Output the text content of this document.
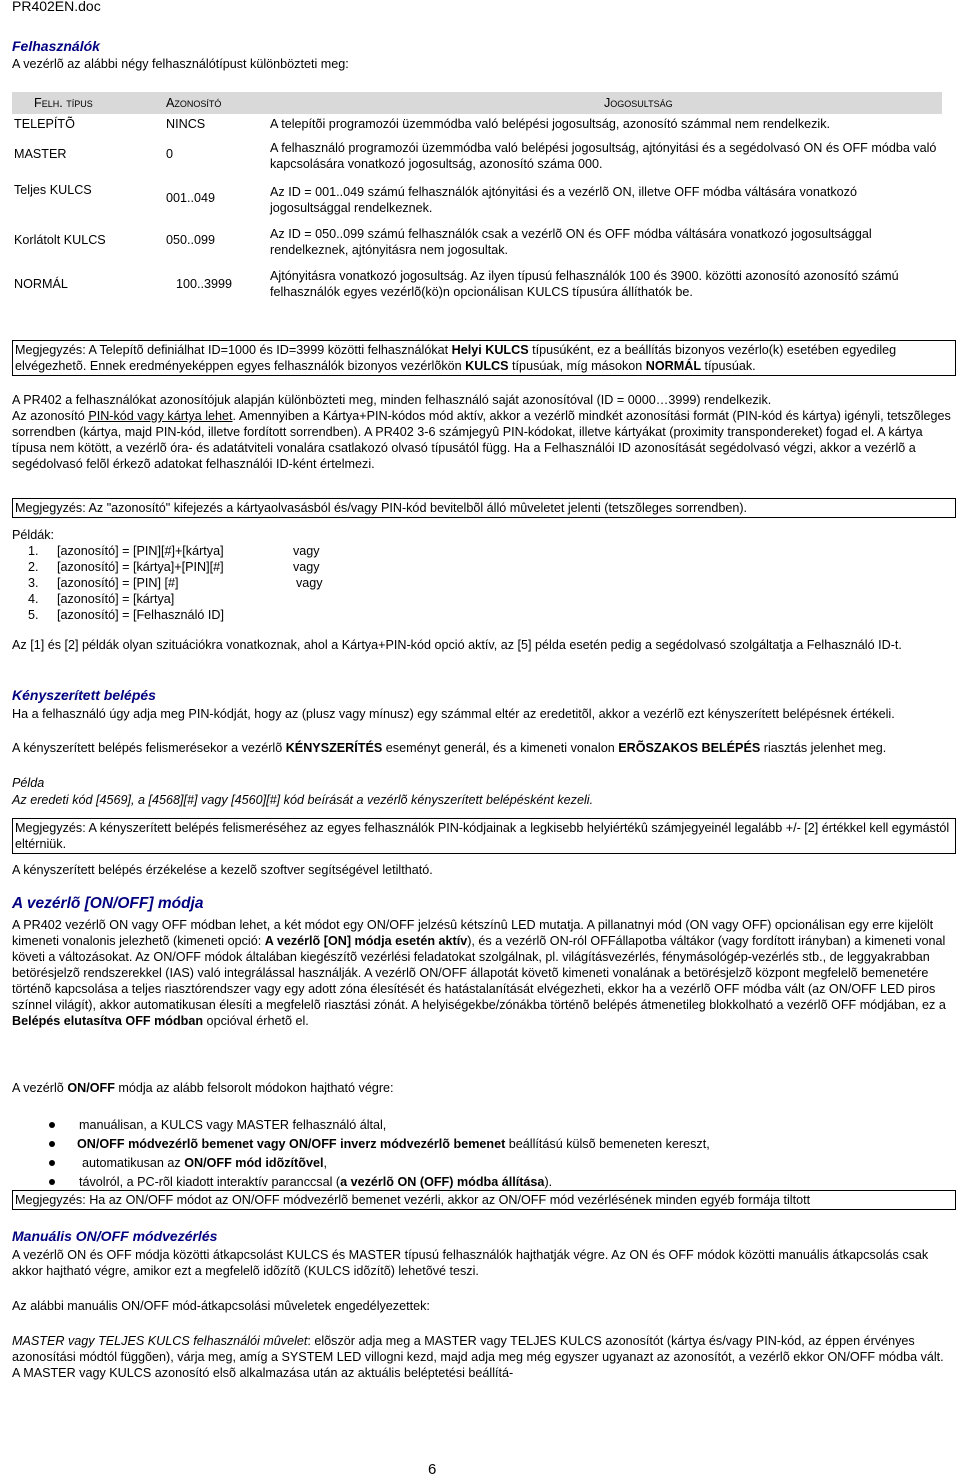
PR402EN.doc
Felhasználók
A vezérlõ az alábbi négy felhasználótípust különbözteti meg:
Felh. típus	Azonosító	Jogosultság
TELEPÍTÕ	NINCS	A telepítõi programozói üzemmódba való belépési jogosultság, azonosító számmal nem rendelkezik.
MASTER	0	A felhasználó programozói üzemmódba való belépési jogosultság, ajtónyitási és a segédolvasó ON és OFF módba való kapcsolására vonatkozó jogosultság, azonosító száma 000.
Teljes KULCS	001..049	Az ID = 001..049 számú felhasználók ajtónyitási és a vezérlõ ON, illetve OFF módba váltására vonatkozó jogosultsággal rendelkeznek.
Korlátolt KULCS	050..099	Az ID = 050..099 számú felhasználók csak a vezérlõ ON és OFF módba váltására vonatkozó jogosultsággal rendelkeznek, ajtónyitásra nem jogosultak.
NORMÁL	100..3999	Ajtónyitásra vonatkozó jogosultság. Az ilyen típusú felhasználók 100 és 3900. közötti azonosító azonosító számú felhasználók egyes vezérlõ(kö)n opcionálisan KULCS típusúra állíthatók be.
Megjegyzés: A Telepítõ definiálhat ID=1000 és ID=3999 közötti felhasználókat Helyi KULCS típusúként, ez a beállítás bizonyos vezérlo(k) esetében egyedileg elvégezhetõ. Ennek eredményeképpen egyes felhasználók bizonyos vezérlõkön KULCS típusúak, míg másokon NORMÁL típusúak.
A PR402 a felhasználókat azonosítójuk alapján különbözteti meg, minden felhasználó saját azonosítóval (ID = 0000…3999) rendelkezik.
Az azonosító PIN-kód vagy kártya lehet. Amennyiben a Kártya+PIN-kódos mód aktív, akkor a vezérlõ mindkét azonosítási formát (PIN-kód és kártya) igényli, tetszõleges sorrendben (kártya, majd PIN-kód, illetve fordított sorrendben). A PR402 3-6 számjegyû PIN-kódokat, illetve kártyákat (proximity transpondereket) fogad el. A kártya típusa nem kötött, a vezérlõ óra- és adatátviteli vonalára csatlakozó olvasó típusától függ. Ha a Felhasználói ID azonosítását segédolvasó végzi, akkor a vezérlõ a segédolvasó felõl érkezõ adatokat felhasználói ID-ként értelmezi.
Megjegyzés: Az "azonosító" kifejezés a kártyaolvasásból és/vagy PIN-kód bevitelbõl álló mûveletet jelenti (tetszõleges sorrendben).
Példák:
1. [azonosító] = [PIN][#]+[kártya]	vagy
2. [azonosító] = [kártya]+[PIN][#]	vagy
3. [azonosító] = [PIN] [#]	vagy
4. [azonosító] = [kártya]
5. [azonosító] = [Felhasználó ID]
Az [1] és [2] példák olyan szituációkra vonatkoznak, ahol a Kártya+PIN-kód opció aktív, az [5] példa esetén pedig a segédolvasó szolgáltatja a Felhasználó ID-t.
Kényszerített belépés
Ha a felhasználó úgy adja meg PIN-kódját, hogy az (plusz vagy mínusz) egy számmal eltér az eredetitõl, akkor a vezérlõ ezt kényszerített belépésnek értékeli.
A kényszerített belépés felismerésekor a vezérlõ KÉNYSZERÍTÉS eseményt generál, és a kimeneti vonalon ERÕSZAKOS BELÉPÉS riasztás jelenhet meg.
Példa
Az eredeti kód [4569], a [4568][#] vagy [4560][#] kód beírását a vezérlõ kényszerített belépésként kezeli.
Megjegyzés: A kényszerített belépés felismeréséhez az egyes felhasználók PIN-kódjainak a legkisebb helyiértékû számjegyeinél legalább +/- [2] értékkel kell egymástól eltérniük.
A kényszerített belépés érzékelése a kezelõ szoftver segítségével letiltható.
A vezérlõ [ON/OFF] módja
A PR402 vezérlõ ON vagy OFF módban lehet, a két módot egy ON/OFF jelzésû kétszínû LED mutatja. A pillanatnyi mód (ON vagy OFF) opcionálisan egy erre kijelölt kimeneti vonalonis jelezhetõ (kimeneti opció: A vezérlõ [ON] módja esetén aktív), és a vezérlõ ON-ról OFFállapotba váltákor (vagy fordított irányban) a kimeneti vonal követi a változásokat. Az ON/OFF módok általában kiegészítõ vezérlési feladatokat szolgálnak, pl. világításvezérlés, fénymásológép-vezérlés stb., de leggyakrabban betörésjelzõ rendszerekkel (IAS) való integrálással használják. A vezérlõ ON/OFF állapotát követõ kimeneti vonalának a betörésjelzõ központ megfelelõ bemenetére történõ kapcsolása a teljes riasztórendszer vagy egy adott zóna élesítését és hatástalanítását elvégezheti, ekkor ha a vezérlõ OFF módba vált (az ON/OFF LED piros színnel világít), akkor automatikusan élesíti a megfelelõ riasztási zónát. A helyiségekbe/zónákba történõ belépés átmenetileg blokkolható a vezérlõ OFF módjában, ez a Belépés elutasítva OFF módban opcióval érhetõ el.
A vezérlõ ON/OFF módja az alább felsorolt módokon hajtható végre:
manuálisan, a KULCS vagy MASTER felhasználó által,
ON/OFF módvezérlõ bemenet vagy ON/OFF inverz módvezérlõ bemenet beállítású külsõ bemeneten kereszt,
automatikusan az ON/OFF mód idõzítõvel,
távolról, a PC-rõl kiadott interaktív paranccsal (a vezérlõ ON (OFF) módba állítása).
Megjegyzés: Ha az ON/OFF módot az ON/OFF módvezérlõ bemenet vezérli, akkor az ON/OFF mód vezérlésének minden egyéb formája tiltott
Manuális ON/OFF módvezérlés
A vezérlõ ON és OFF módja közötti átkapcsolást KULCS és MASTER típusú felhasználók hajthatják végre. Az ON és OFF módok közötti manuális átkapcsolás csak akkor hajtható végre, amikor ezt a megfelelõ idõzítõ (KULCS idõzítõ) lehetõvé teszi.
Az alábbi manuális ON/OFF mód-átkapcsolási mûveletek engedélyezettek:
MASTER vagy TELJES KULCS felhasználói mûvelet: elõször adja meg a MASTER vagy TELJES KULCS azonosítót (kártya és/vagy PIN-kód, az éppen érvényes azonosítási módtól függõen), várja meg, amíg a SYSTEM LED villogni kezd, majd adja meg még egyszer ugyanazt az azonosítót, a vezérlõ ekkor ON/OFF módba vált. A MASTER vagy KULCS azonosító elsõ alkalmazása után az aktuális beléptetési beállítá-
6
